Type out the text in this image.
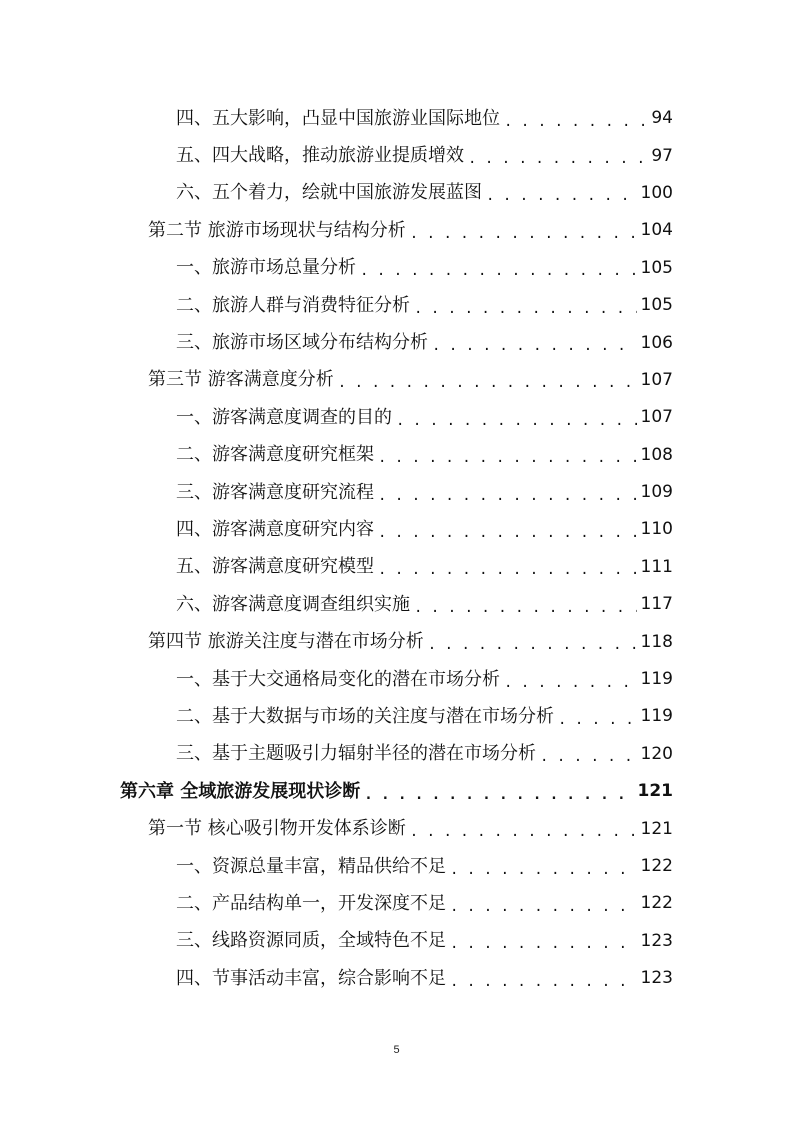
四、五大影响，凸显中国旅游业国际地位 . . .	94
五、四大战略，推动旅游业提质增效 . . .	97
六、五个着力，绘就中国旅游发展蓝图 . . .	100
第二节 旅游市场现状与结构分析 . . .	104
一、旅游市场总量分析 . . .	105
二、旅游人群与消费特征分析 . . .	105
三、旅游市场区域分布结构分析 . . .	106
第三节 游客满意度分析 . . .	107
一、游客满意度调查的目的 . . .	107
二、游客满意度研究框架 . . .	108
三、游客满意度研究流程 . . .	109
四、游客满意度研究内容 . . .	110
五、游客满意度研究模型 . . .	111
六、游客满意度调查组织实施 . . .	117
第四节 旅游关注度与潜在市场分析 . . .	118
一、基于大交通格局变化的潜在市场分析 . . .	119
二、基于大数据与市场的关注度与潜在市场分析 . . .	119
三、基于主题吸引力辐射半径的潜在市场分析 . . .	120
第六章 全域旅游发展现状诊断 . . .	121
第一节 核心吸引物开发体系诊断 . . .	121
一、资源总量丰富，精品供给不足 . . .	122
二、产品结构单一，开发深度不足 . . .	122
三、线路资源同质，全域特色不足 . . .	123
四、节事活动丰富，综合影响不足 . . .	123
5
